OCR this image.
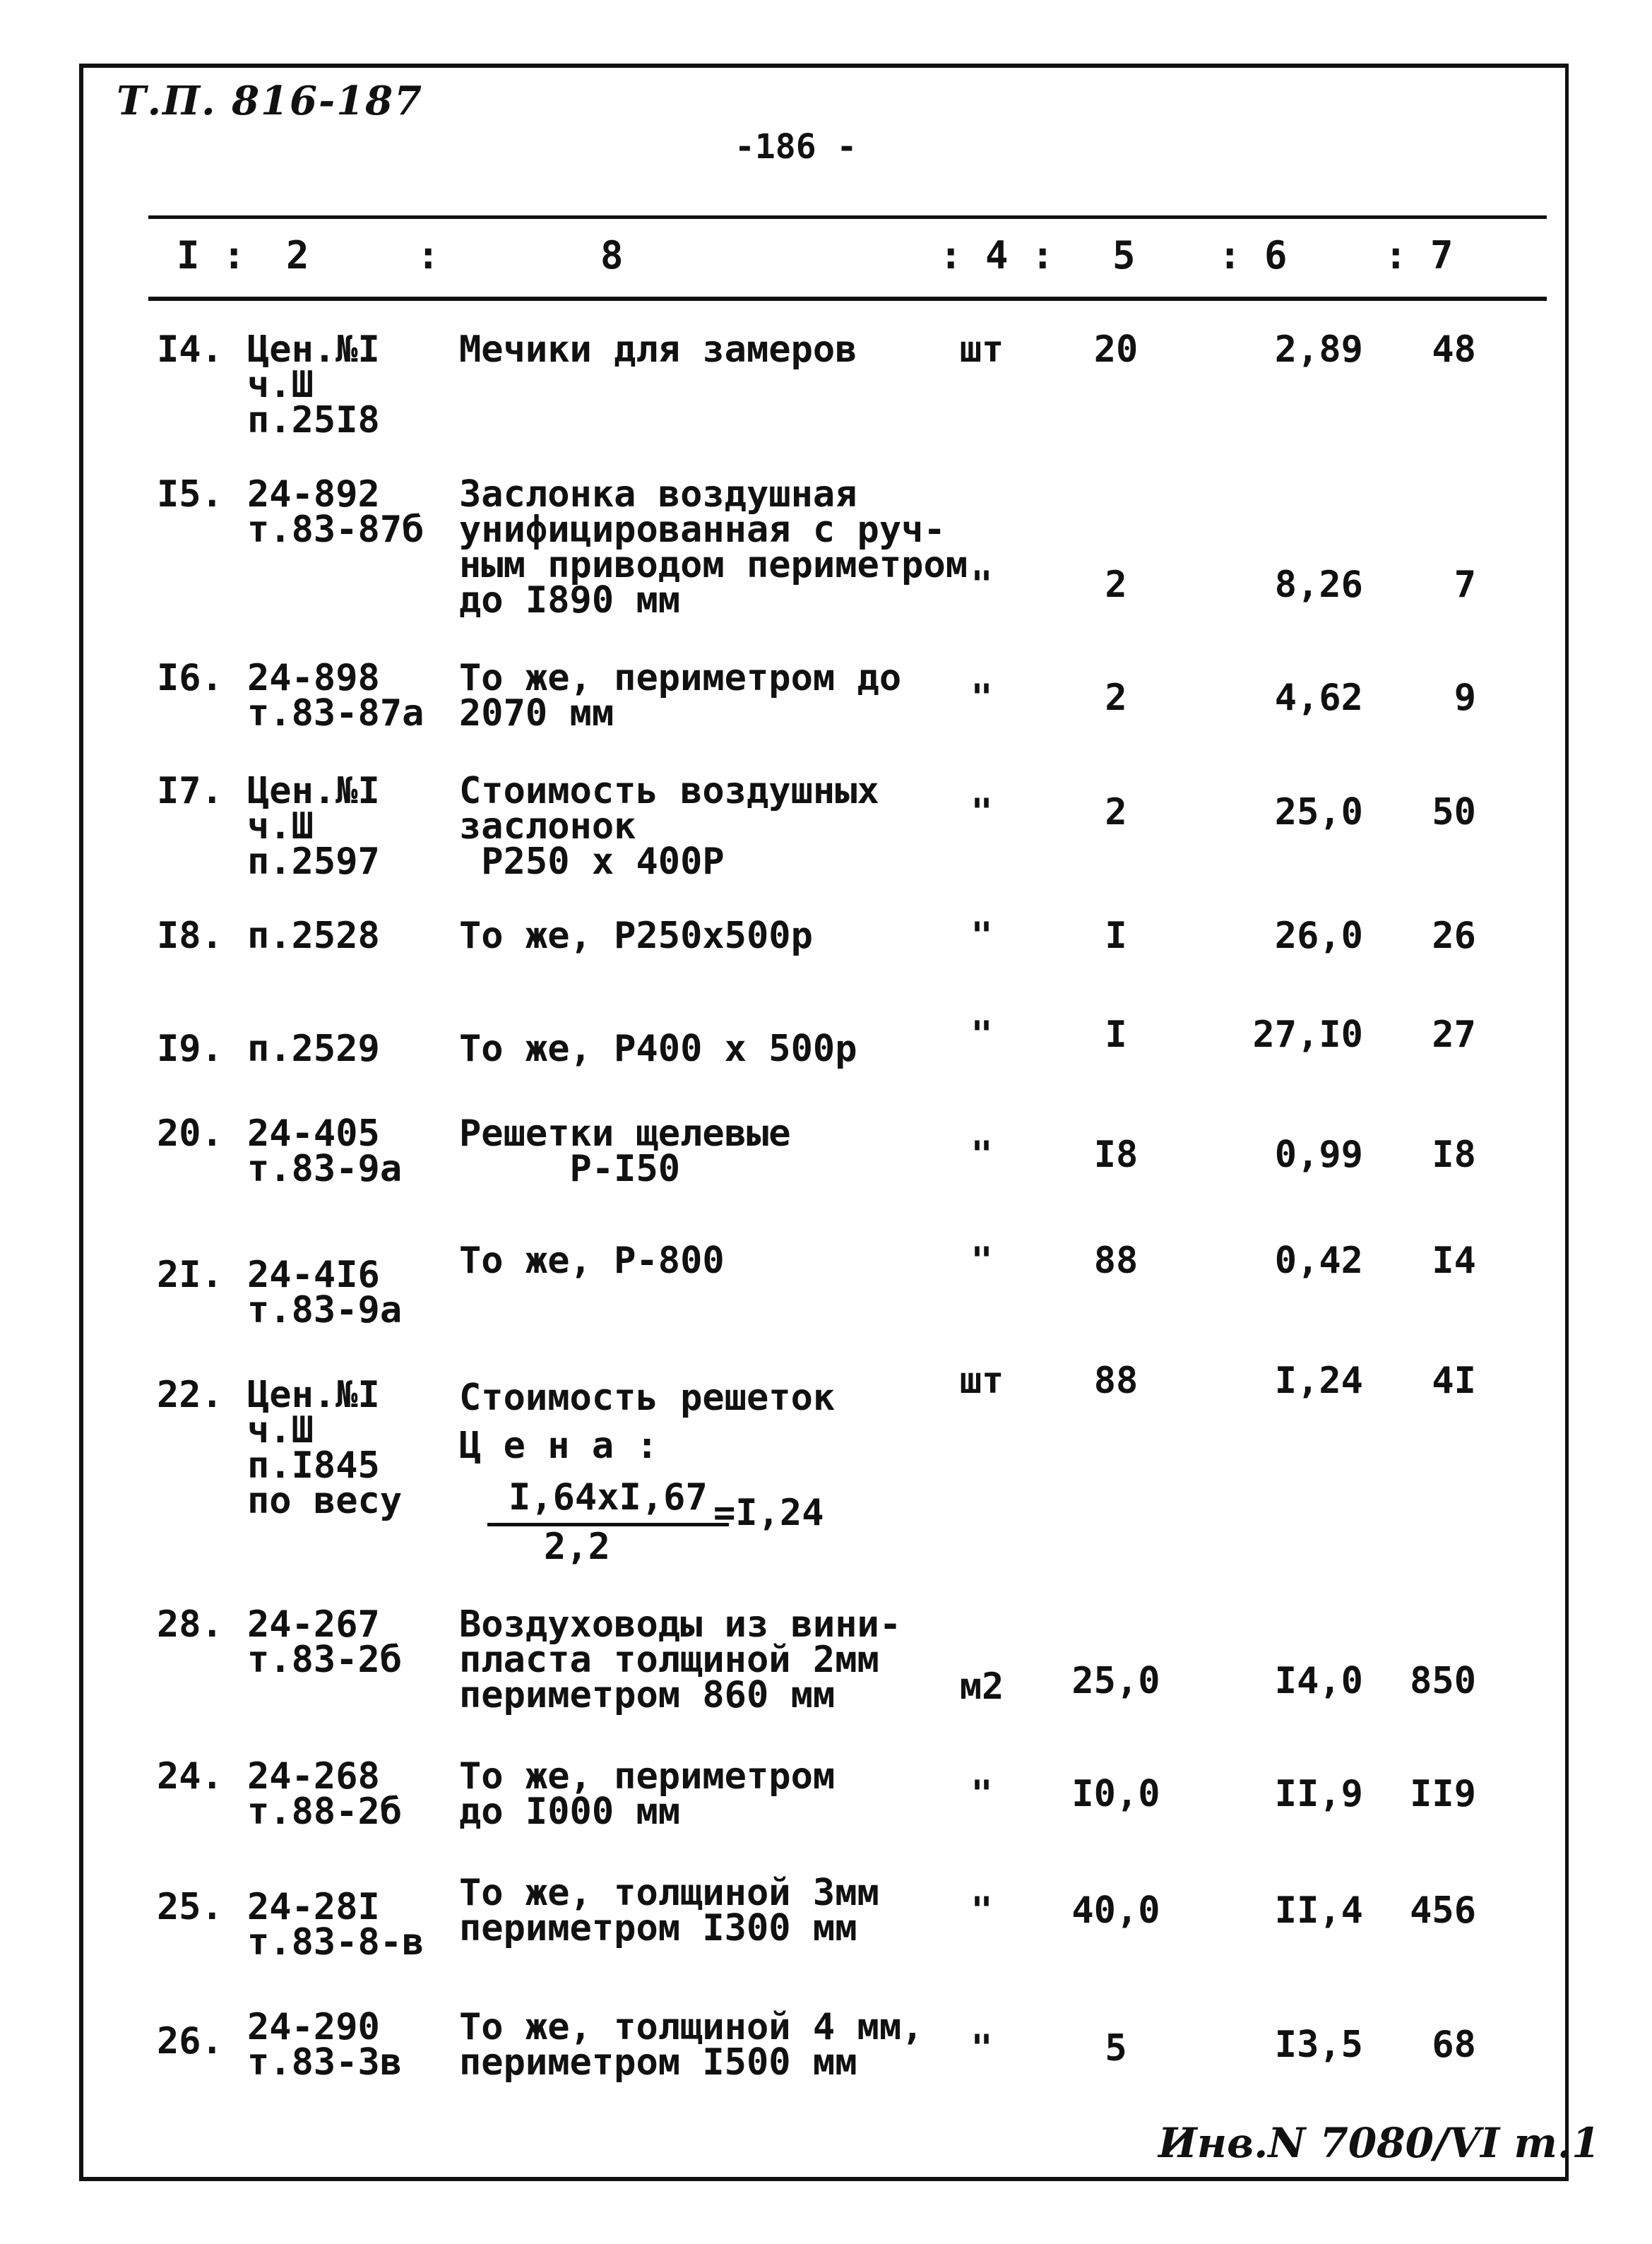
Т.П. 816-187
-186 -
I : 2	:	8	: 4 : 5 : 6	: 7
I4. Цен.№I
ч.Ш
п.25I8
Мечики для замеров	шт	20	2,89	48
I5. 24-892
т.83-87б
Заслонка воздушная
унифицированная с руч-
ным приводом периметром
до I890 мм	"	2	8,26	7
I6. 24-898
т.83-87а
То же, периметром до
2070 мм	"	2	4,62	9
I7. Цен.№I
ч.Ш
п.2597
Стоимость воздушных
заслонок
P250 х 400Р
"	2	25,0	50
I8. п.2528 То же, Р250х500р	"	I	26,0	26
I9. п.2529 То же, Р400 х 500р	"	I	27,I0	27
20. 24-405
т.83-9а
Решетки щелевые
Р-I50	"	I8	0,99	I8
2I. 24-4I6
т.83-9а
То же, Р-800	"	88	0,42	I4
22. Цен.№I
ч.Ш
п.I845
по весу
Стоимость решеток
Ц е н а :
шт	88	I,24	4I
I,64хI,67
2,2
=I,24
28. 24-267
т.83-2б
Воздуховоды из вини-
пласта толщиной 2мм
периметром 860 мм	м2	25,0	I4,0	850
24. 24-268
т.88-2б
То же, периметром
до I000 мм	"	I0,0	II,9	II9
25. 24-28I
т.83-8-в
То же, толщиной 3мм
периметром I300 мм	"	40,0	II,4	456
26. 24-290
т.83-3в
То же, толщиной 4 мм,
периметром I500 мм	"	5	I3,5	68
Инв.N 7080/VI т.1
